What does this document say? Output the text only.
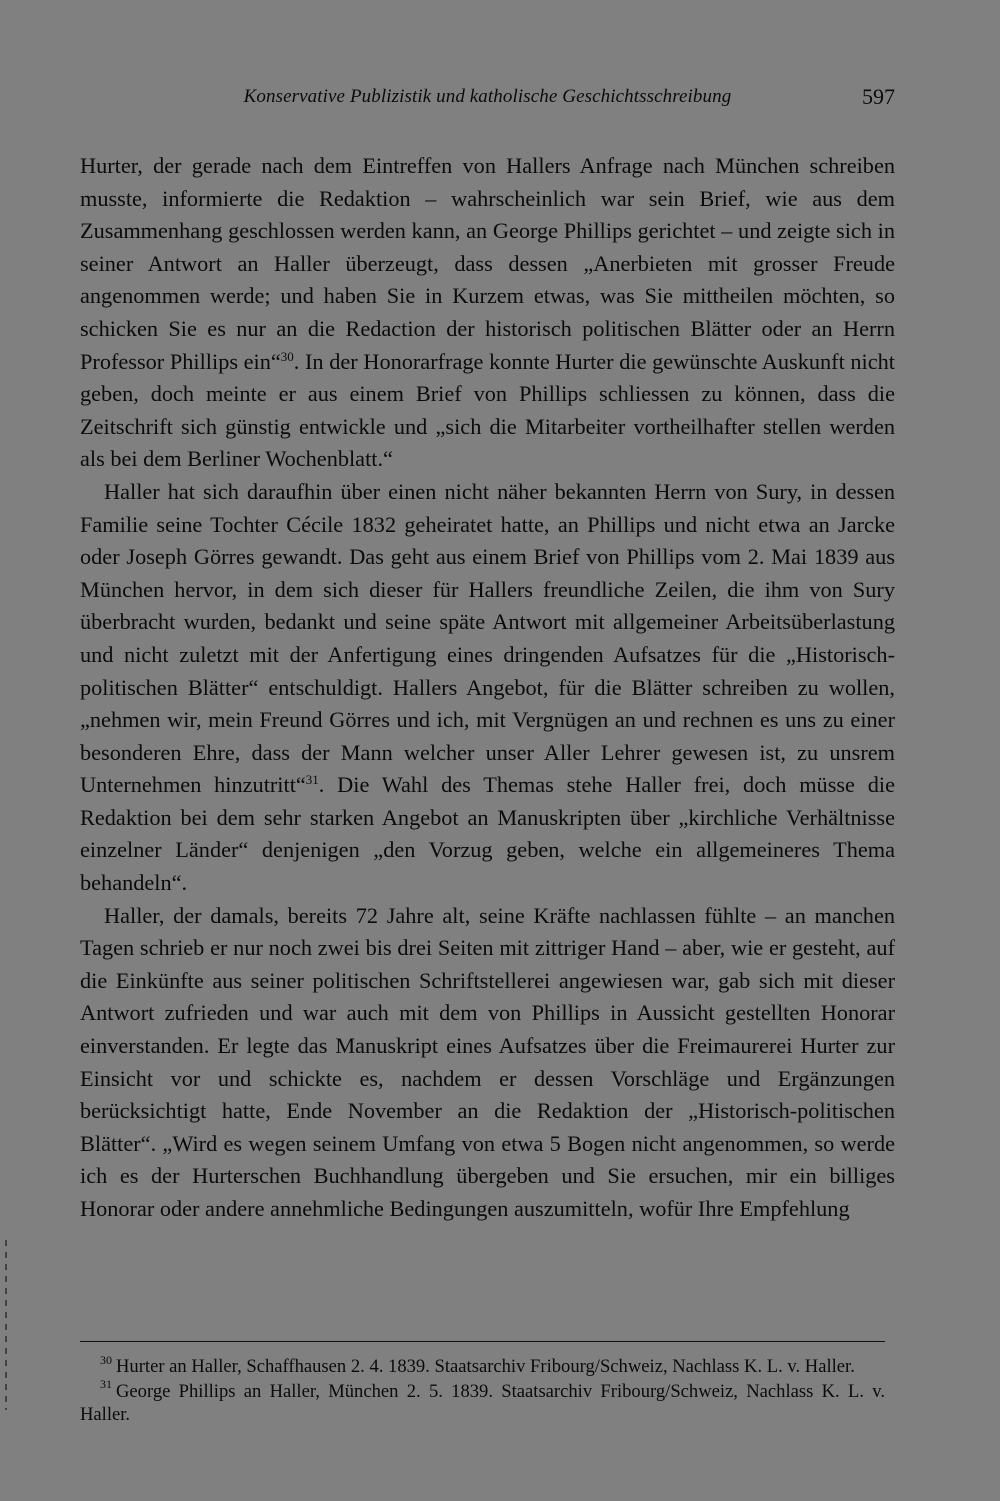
Konservative Publizistik und katholische Geschichtsschreibung	597

Hurter, der gerade nach dem Eintreffen von Hallers Anfrage nach München schreiben musste, informierte die Redaktion – wahrscheinlich war sein Brief, wie aus dem Zusammenhang geschlossen werden kann, an George Phillips gerichtet – und zeigte sich in seiner Antwort an Haller überzeugt, dass dessen „Anerbieten mit grosser Freude angenommen werde; und haben Sie in Kurzem etwas, was Sie mittheilen möchten, so schicken Sie es nur an die Redaction der historisch politischen Blätter oder an Herrn Professor Phillips ein“$^{30}$. In der Honorarfrage konnte Hurter die gewünschte Auskunft nicht geben, doch meinte er aus einem Brief von Phillips schliessen zu können, dass die Zeitschrift sich günstig entwickle und „sich die Mitarbeiter vortheilhafter stellen werden als bei dem Berliner Wochenblatt.“

Haller hat sich daraufhin über einen nicht näher bekannten Herrn von Sury, in dessen Familie seine Tochter Cécile 1832 geheiratet hatte, an Phillips und nicht etwa an Jarcke oder Joseph Görres gewandt. Das geht aus einem Brief von Phillips vom 2. Mai 1839 aus München hervor, in dem sich dieser für Hallers freundliche Zeilen, die ihm von Sury überbracht wurden, bedankt und seine späte Antwort mit allgemeiner Arbeitsüberlastung und nicht zuletzt mit der Anfertigung eines dringenden Aufsatzes für die „Historisch-politischen Blätter“ entschuldigt. Hallers Angebot, für die Blätter schreiben zu wollen, „nehmen wir, mein Freund Görres und ich, mit Vergnügen an und rechnen es uns zu einer besonderen Ehre, dass der Mann welcher unser Aller Lehrer gewesen ist, zu unsrem Unternehmen hinzutritt“$^{31}$. Die Wahl des Themas stehe Haller frei, doch müsse die Redaktion bei dem sehr starken Angebot an Manuskripten über „kirchliche Verhältnisse einzelner Länder“ denjenigen „den Vorzug geben, welche ein allgemeineres Thema behandeln“.

Haller, der damals, bereits 72 Jahre alt, seine Kräfte nachlassen fühlte – an manchen Tagen schrieb er nur noch zwei bis drei Seiten mit zittriger Hand – aber, wie er gesteht, auf die Einkünfte aus seiner politischen Schriftstellerei angewiesen war, gab sich mit dieser Antwort zufrieden und war auch mit dem von Phillips in Aussicht gestellten Honorar einverstanden. Er legte das Manuskript eines Aufsatzes über die Freimaurerei Hurter zur Einsicht vor und schickte es, nachdem er dessen Vorschläge und Ergänzungen berücksichtigt hatte, Ende November an die Redaktion der „Historisch-politischen Blätter“. „Wird es wegen seinem Umfang von etwa 5 Bogen nicht angenommen, so werde ich es der Hurterschen Buchhandlung übergeben und Sie ersuchen, mir ein billiges Honorar oder andere annehmliche Bedingungen auszumitteln, wofür Ihre Empfehlung

$^{30}$ Hurter an Haller, Schaffhausen 2. 4. 1839. Staatsarchiv Fribourg/Schweiz, Nachlass K. L. v. Haller.

$^{31}$ George Phillips an Haller, München 2. 5. 1839. Staatsarchiv Fribourg/Schweiz, Nachlass K. L. v. Haller.
